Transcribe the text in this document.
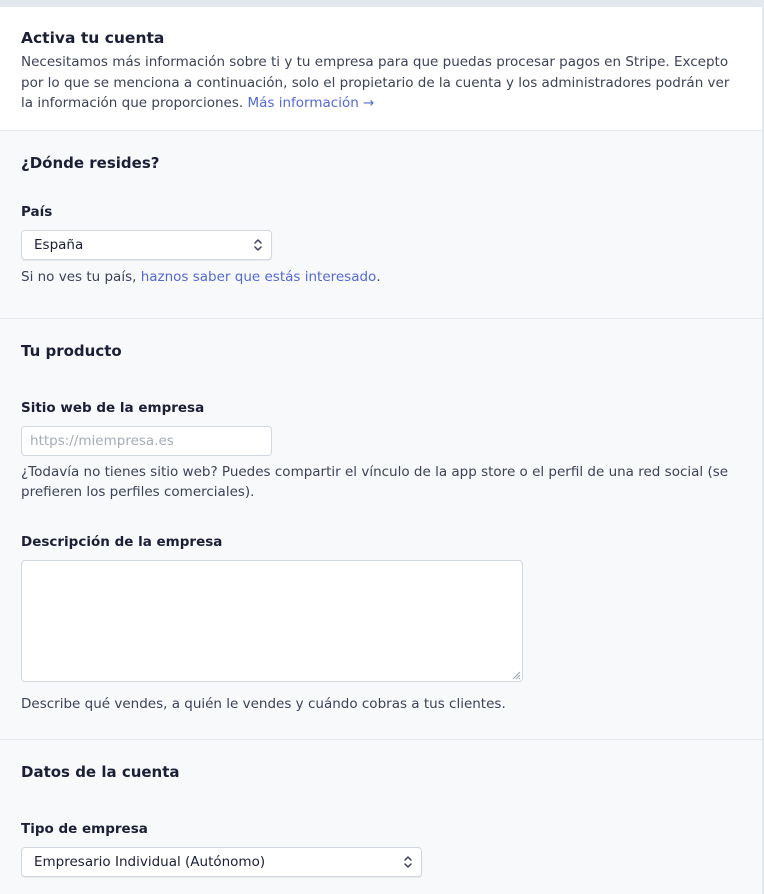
Activa tu cuenta

Necesitamos más información sobre ti y tu empresa para que puedas procesar pagos en Stripe. Excepto por lo que se menciona a continuación, solo el propietario de la cuenta y los administradores podrán ver la información que proporciones. Más información →

¿Dónde resides?
País
España
Si no ves tu país, haznos saber que estás interesado.
Tu producto
Sitio web de la empresa
https://miempresa.es
¿Todavía no tienes sitio web? Puedes compartir el vínculo de la app store o el perfil de una red social (se prefieren los perfiles comerciales).
Descripción de la empresa
Describe qué vendes, a quién le vendes y cuándo cobras a tus clientes.
Datos de la cuenta
Tipo de empresa
Empresario Individual (Autónomo)
